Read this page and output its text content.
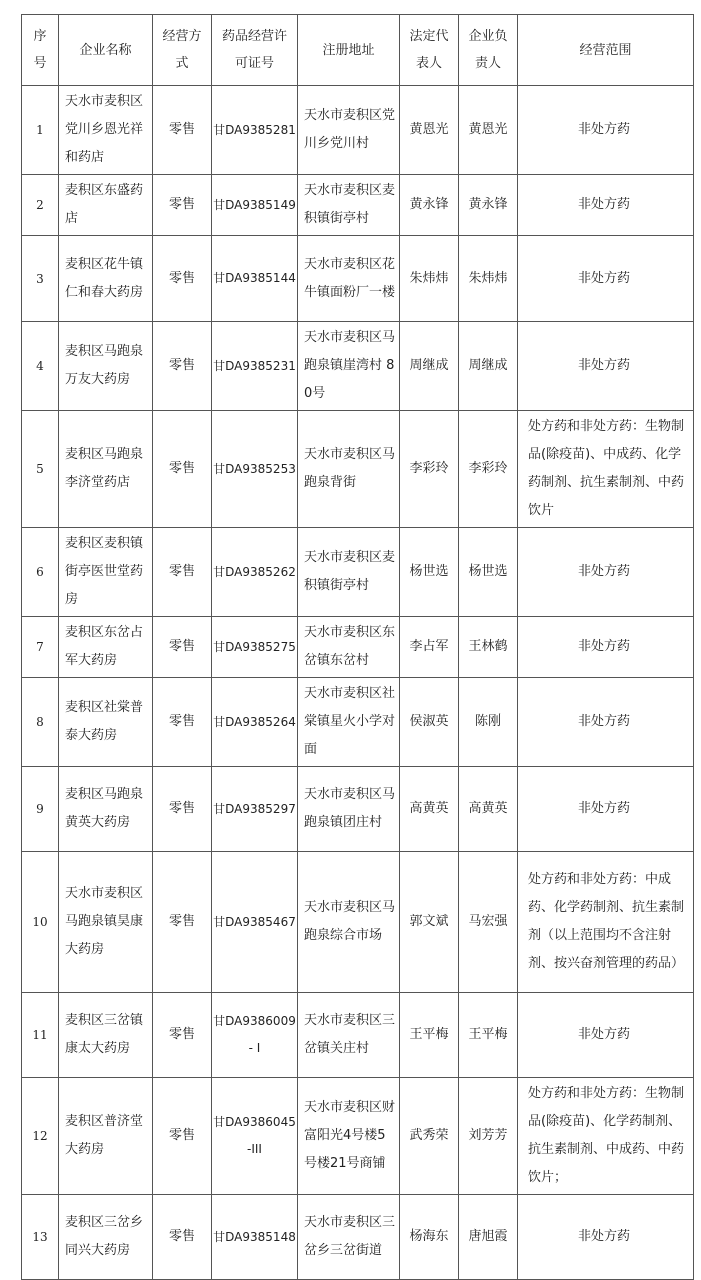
序号	企业名称	经营方式	药品经营许可证号	注册地址	法定代表人	企业负责人	经营范围
1	天水市麦积区党川乡恩光祥和药店	零售	甘DA9385281	天水市麦积区党川乡党川村	黄恩光	黄恩光	非处方药
2	麦积区东盛药店	零售	甘DA9385149	天水市麦积区麦积镇街亭村	黄永锋	黄永锋	非处方药
3	麦积区花牛镇仁和春大药房	零售	甘DA9385144	天水市麦积区花牛镇面粉厂一楼	朱炜炜	朱炜炜	非处方药
4	麦积区马跑泉万友大药房	零售	甘DA9385231	天水市麦积区马跑泉镇崖湾村 80号	周继成	周继成	非处方药
5	麦积区马跑泉李济堂药店	零售	甘DA9385253	天水市麦积区马跑泉背街	李彩玲	李彩玲	处方药和非处方药：生物制品(除疫苗)、中成药、化学药制剂、抗生素制剂、中药饮片
6	麦积区麦积镇街亭医世堂药房	零售	甘DA9385262	天水市麦积区麦积镇街亭村	杨世选	杨世选	非处方药
7	麦积区东岔占军大药房	零售	甘DA9385275	天水市麦积区东岔镇东岔村	李占军	王林鹤	非处方药
8	麦积区社棠普泰大药房	零售	甘DA9385264	天水市麦积区社棠镇星火小学对面	侯淑英	陈刚	非处方药
9	麦积区马跑泉黄英大药房	零售	甘DA9385297	天水市麦积区马跑泉镇团庄村	高黄英	高黄英	非处方药
10	天水市麦积区马跑泉镇昊康大药房	零售	甘DA9385467	天水市麦积区马跑泉综合市场	郭文斌	马宏强	处方药和非处方药：中成药、化学药制剂、抗生素制剂（以上范围均不含注射剂、按兴奋剂管理的药品）
11	麦积区三岔镇康太大药房	零售	甘DA9386009- I	天水市麦积区三岔镇关庄村	王平梅	王平梅	非处方药
12	麦积区普济堂大药房	零售	甘DA9386045-III	天水市麦积区财富阳光4号楼5号楼21号商铺	武秀荣	刘芳芳	处方药和非处方药：生物制品(除疫苗)、化学药制剂、抗生素制剂、中成药、中药饮片；
13	麦积区三岔乡同兴大药房	零售	甘DA9385148	天水市麦积区三岔乡三岔街道	杨海东	唐旭霞	非处方药
